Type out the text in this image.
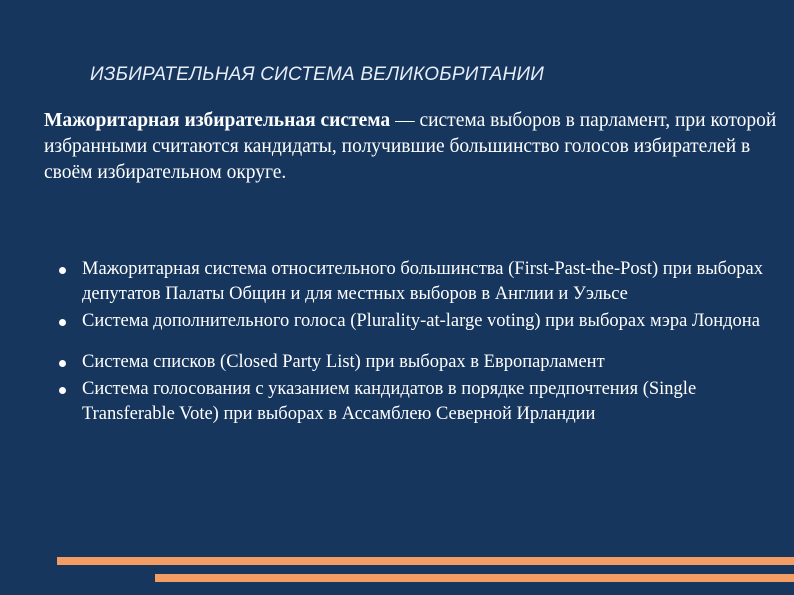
ИЗБИРАТЕЛЬНАЯ СИСТЕМА ВЕЛИКОБРИТАНИИ
Мажоритарная избирательная система — система выборов в парламент, при которой избранными считаются кандидаты, получившие большинство голосов избирателей в своём избирательном округе.
Мажоритарная система относительного большинства (First-Past-the-Post) при выборах депутатов Палаты Общин и для местных выборов в Англии и Уэльсе
Система дополнительного голоса (Plurality-at-large voting) при выборах мэра Лондона
Система списков (Closed Party List) при выборах в Европарламент
Система голосования с указанием кандидатов в порядке предпочтения (Single Transferable Vote) при выборах в Ассамблею Северной Ирландии
